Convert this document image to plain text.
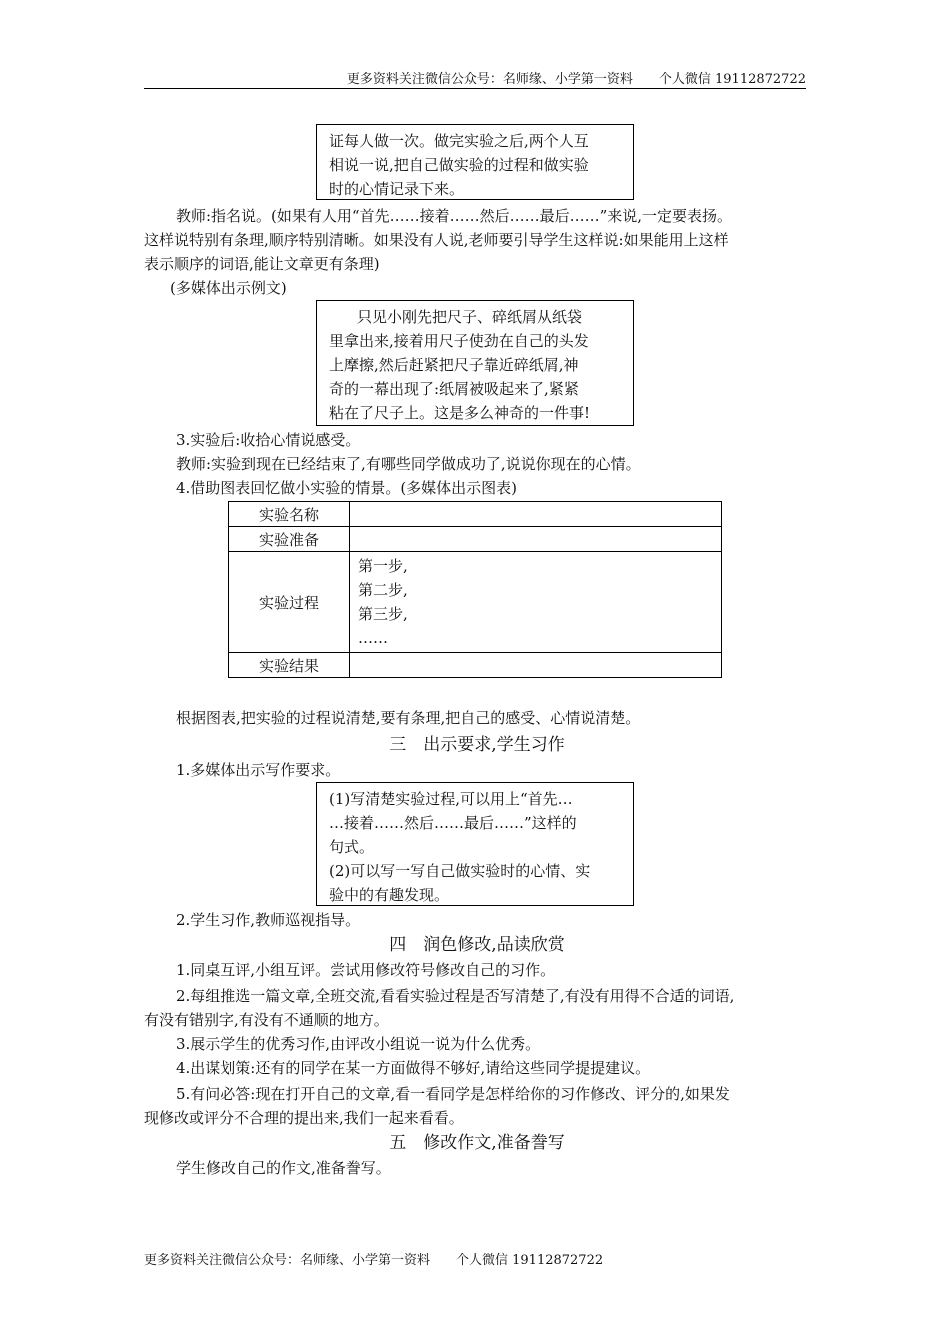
更多资料关注微信公众号：名师缘、小学第一资料　　个人微信 19112872722
证每人做一次。做完实验之后,两个人互
相说一说,把自己做实验的过程和做实验
时的心情记录下来。
教师:指名说。(如果有人用“首先……接着……然后……最后……”来说,一定要表扬。
这样说特别有条理,顺序特别清晰。如果没有人说,老师要引导学生这样说:如果能用上这样
表示顺序的词语,能让文章更有条理)
(多媒体出示例文)
只见小刚先把尺子、碎纸屑从纸袋
里拿出来,接着用尺子使劲在自己的头发
上摩擦,然后赶紧把尺子靠近碎纸屑,神
奇的一幕出现了:纸屑被吸起来了,紧紧
粘在了尺子上。这是多么神奇的一件事!
3.实验后:收拾心情说感受。
教师:实验到现在已经结束了,有哪些同学做成功了,说说你现在的心情。
4.借助图表回忆做小实验的情景。(多媒体出示图表)
实验名称	
实验准备	
实验过程	第一步,
第二步,
第三步,
……

实验结果	
根据图表,把实验的过程说清楚,要有条理,把自己的感受、心情说清楚。
三　出示要求,学生习作
1.多媒体出示写作要求。
(1)写清楚实验过程,可以用上“首先…
…接着……然后……最后……”这样的
句式。
(2)可以写一写自己做实验时的心情、实
验中的有趣发现。
2.学生习作,教师巡视指导。
四　润色修改,品读欣赏
1.同桌互评,小组互评。尝试用修改符号修改自己的习作。
2.每组推选一篇文章,全班交流,看看实验过程是否写清楚了,有没有用得不合适的词语,
有没有错别字,有没有不通顺的地方。
3.展示学生的优秀习作,由评改小组说一说为什么优秀。
4.出谋划策:还有的同学在某一方面做得不够好,请给这些同学提提建议。
5.有问必答:现在打开自己的文章,看一看同学是怎样给你的习作修改、评分的,如果发
现修改或评分不合理的提出来,我们一起来看看。
五　修改作文,准备誊写
学生修改自己的作文,准备誊写。
更多资料关注微信公众号：名师缘、小学第一资料　　个人微信 19112872722
